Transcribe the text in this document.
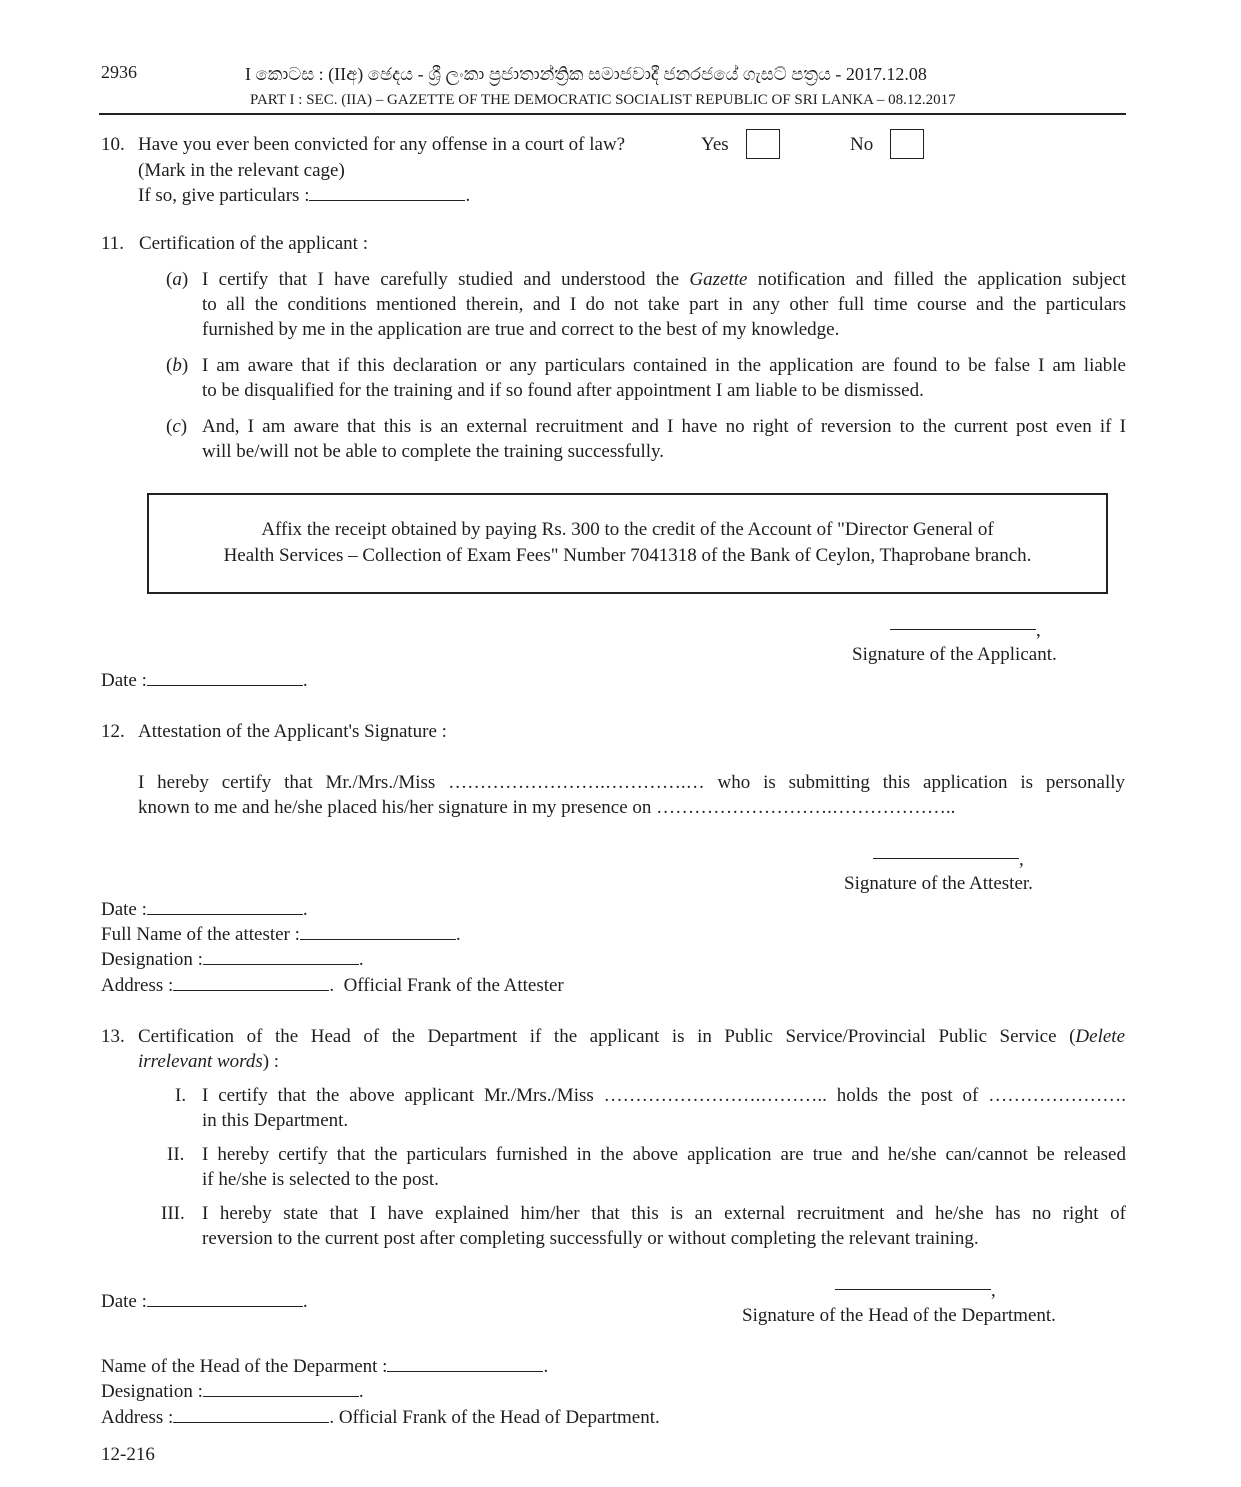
2936	I කොටස : (IIඅ) ඡෙදය - ශ්‍රී ලංකා ප්‍රජාතාන්ත්‍රික සමාජවාදී ජනරජයේ ගැසට් පත්‍රය - 2017.12.08
PART I : SEC. (IIA) – GAZETTE OF THE DEMOCRATIC SOCIALIST REPUBLIC OF SRI LANKA – 08.12.2017
10. Have you ever been convicted for any offense in a court of law?	Yes	No
(Mark in the relevant cage)
If so, give particulars :	.
11. Certification of the applicant :
(a) I certify that I have carefully studied and understood the Gazette notification and filled the application subject
to all the conditions mentioned therein, and I do not take part in any other full time course and the particulars
furnished by me in the application are true and correct to the best of my knowledge.
(b) I am aware that if this declaration or any particulars contained in the application are found to be false I am liable
to be disqualified for the training and if so found after appointment I am liable to be dismissed.
(c) And, I am aware that this is an external recruitment and I have no right of reversion to the current post even if I
will be/will not be able to complete the training successfully.
Affix the receipt obtained by paying Rs. 300 to the credit of the Account of "Director General of
Health Services – Collection of Exam Fees" Number 7041318 of the Bank of Ceylon, Thaprobane branch.
,
Signature of the Applicant.
Date :	.
12. Attestation of the Applicant's Signature :
I hereby certify that Mr./Mrs./Miss …………………….………….… who is submitting this application is personally
known to me and he/she placed his/her signature in my presence on ……………………….………………..
,
Signature of the Attester.
Date :	.
Full Name of the attester :	.
Designation :	.
Address :	.  Official Frank of the Attester
13. Certification of the Head of the Department if the applicant is in Public Service/Provincial Public Service (Delete
irrelevant words) :
I. I certify that the above applicant Mr./Mrs./Miss …………………….……….. holds the post of ………………….
in this Department.
II. I hereby certify that the particulars furnished in the above application are true and he/she can/cannot be released
if he/she is selected to the post.
III. I hereby state that I have explained him/her that this is an external recruitment and he/she has no right of
reversion to the current post after completing successfully or without completing the relevant training.
,
Date :	.
Signature of the Head of the Department.
Name of the Head of the Deparment :	.
Designation :	.
Address :	. Official Frank of the Head of Department.
12-216
